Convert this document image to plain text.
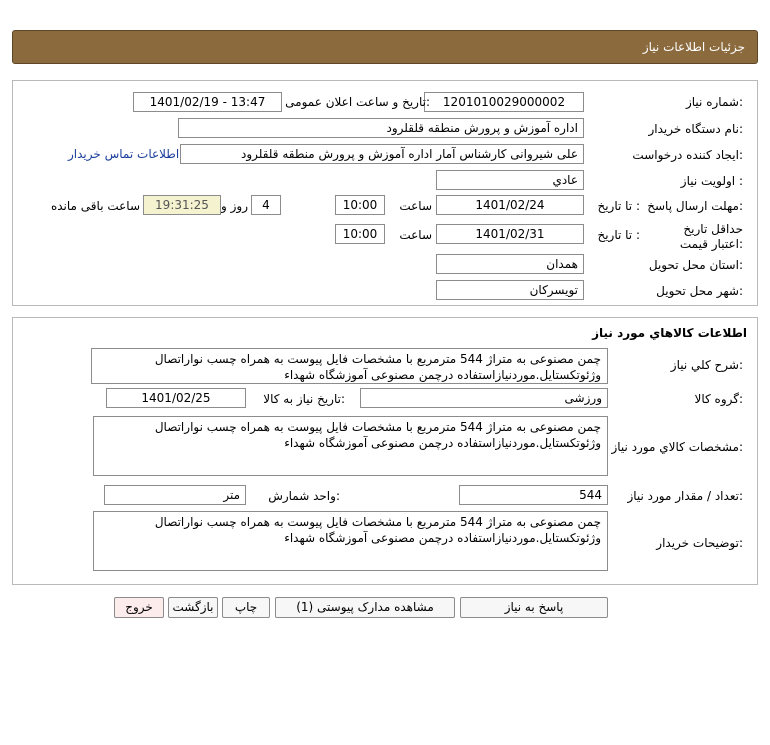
جزئيات اطلاعات نياز
شماره نياز:
1201010029000002
تاريخ و ساعت اعلان عمومی:
1401/02/19 - 13:47
نام دستگاه خريدار:
اداره آموزش و پرورش منطقه قلقلرود
ايجاد کننده درخواست:
علی شيروانی کارشناس آمار اداره آموزش و پرورش منطقه قلقلرود
اطلاعات تماس خريدار
اولويت نياز :
عادي
مهلت ارسال پاسخ:
تا تاريخ :
1401/02/24
ساعت
10:00
4
روز و
19:31:25
ساعت باقی مانده
حداقل تاريخ اعتبار قيمت:
تا تاريخ :
1401/02/31
ساعت
10:00
استان محل تحويل:
همدان
شهر محل تحويل:
تويسرکان
اطلاعات کالاهاي مورد نياز
شرح کلي نياز:
چمن مصنوعی به متراژ 544 مترمربع با مشخصات فایل پیوست به همراه چسب نواراتصال وژئوتکستایل.موردنیازاستفاده درچمن مصنوعی آموزشگاه شهداء
گروه کالا:
ورزشی
تاريخ نياز به کالا:
1401/02/25
مشخصات کالاي مورد نياز:
چمن مصنوعی به متراژ 544 مترمربع با مشخصات فایل پیوست به همراه چسب نواراتصال وژئوتکستایل.موردنیازاستفاده درچمن مصنوعی آموزشگاه شهداء
تعداد / مقدار مورد نياز:
544
واحد شمارش:
متر
توضيحات خريدار:
چمن مصنوعی به متراژ 544 مترمربع با مشخصات فایل پیوست به همراه چسب نواراتصال وژئوتکستایل.موردنیازاستفاده درچمن مصنوعی آموزشگاه شهداء
پاسخ به نياز
مشاهده مدارک پيوستی (1)
چاپ
بازگشت
خروج
